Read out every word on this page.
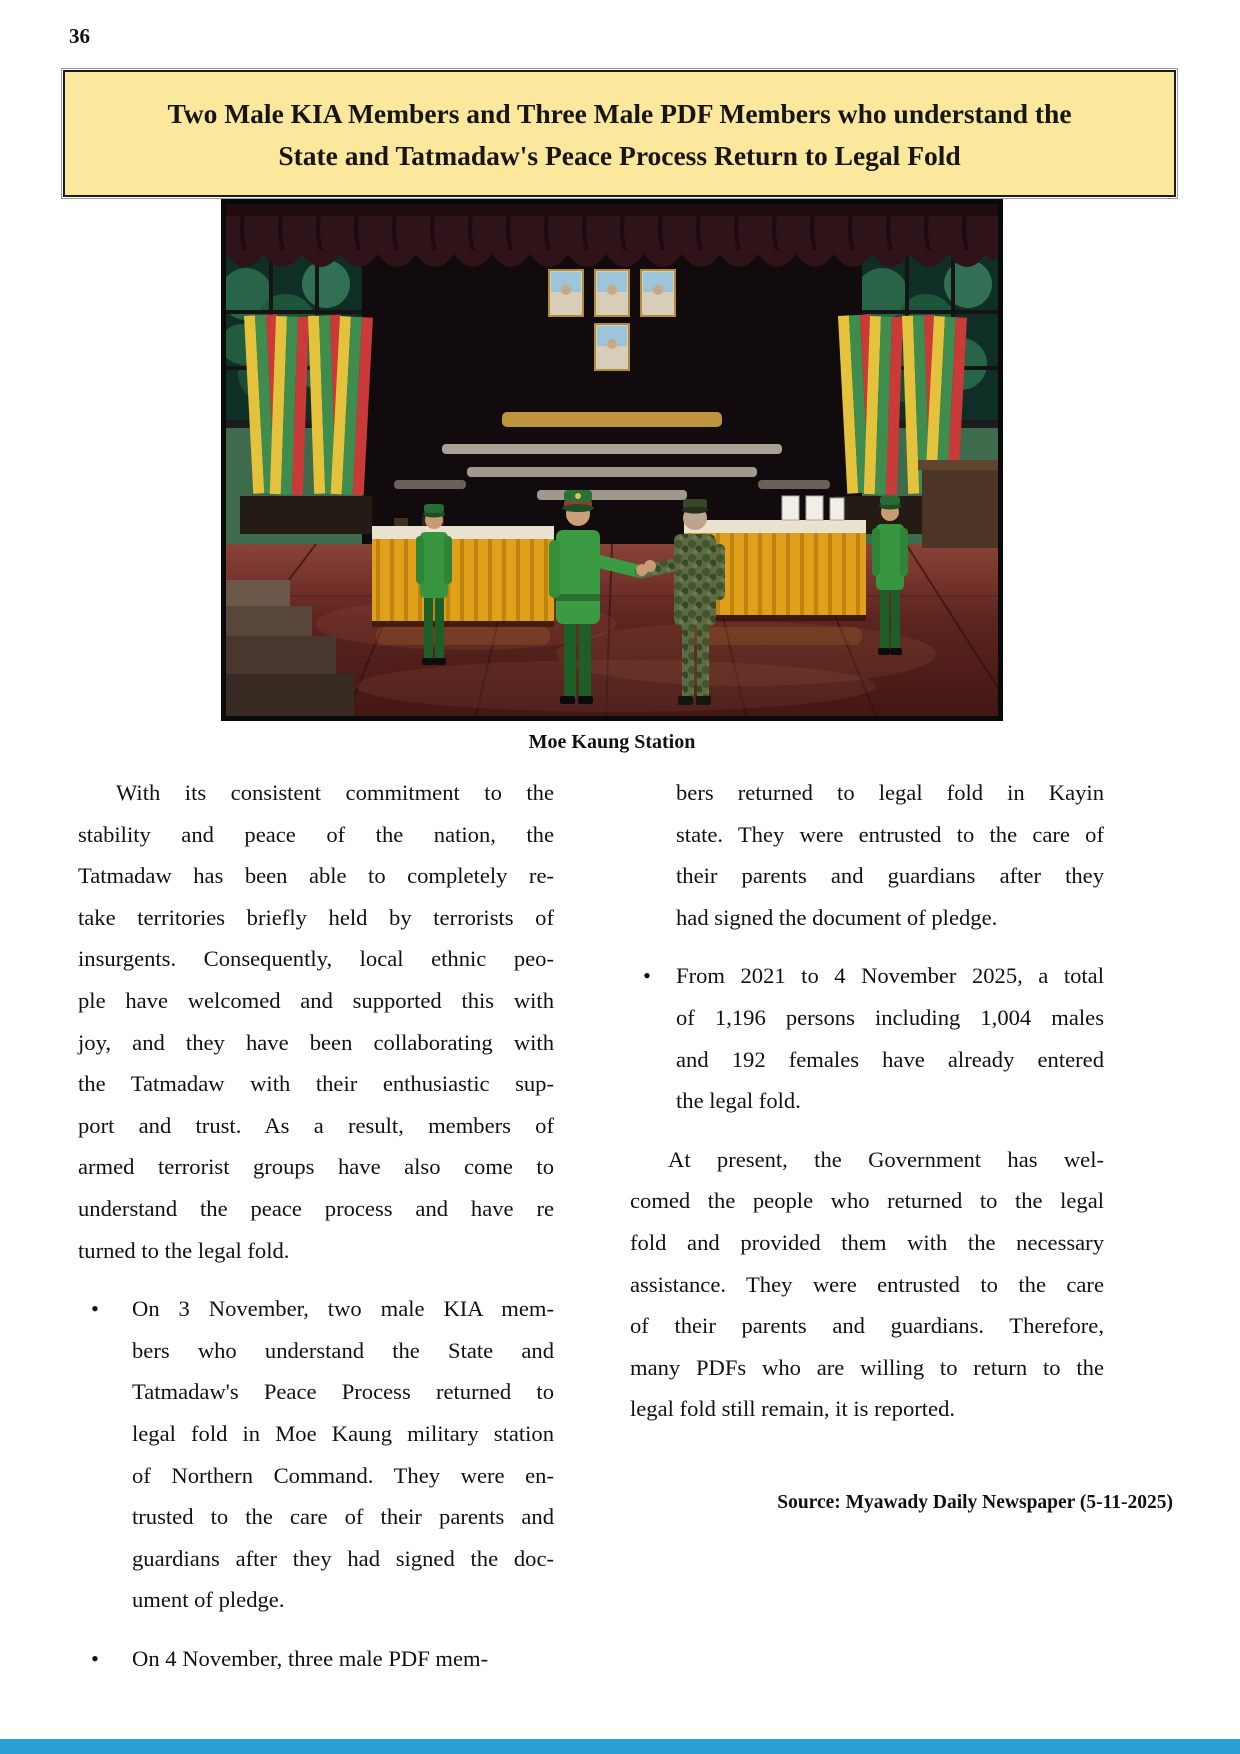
36
Two Male KIA Members and Three Male PDF Members who understand the
State and Tatmadaw's Peace Process Return to Legal Fold
Moe Kaung Station
With its consistent commitment to the
stability and peace of the nation, the
Tatmadaw has been able to completely re-
take territories briefly held by terrorists of
insurgents. Consequently, local ethnic peo-
ple have welcomed and supported this with
joy, and they have been collaborating with
the Tatmadaw with their enthusiastic sup-
port and trust. As a result, members of
armed terrorist groups have also come to
understand the peace process and have re
turned to the legal fold.
• On 3 November, two male KIA mem-
bers who understand the State and
Tatmadaw's Peace Process returned to
legal fold in Moe Kaung military station
of Northern Command. They were en-
trusted to the care of their parents and
guardians after they had signed the doc-
ument of pledge.
• On 4 November, three male PDF mem-
bers returned to legal fold in Kayin
state. They were entrusted to the care of
their parents and guardians after they
had signed the document of pledge.
• From 2021 to 4 November 2025, a total
of 1,196 persons including 1,004 males
and 192 females have already entered
the legal fold.
At present, the Government has wel-
comed the people who returned to the legal
fold and provided them with the necessary
assistance. They were entrusted to the care
of their parents and guardians. Therefore,
many PDFs who are willing to return to the
legal fold still remain, it is reported.
Source: Myawady Daily Newspaper (5-11-2025)
